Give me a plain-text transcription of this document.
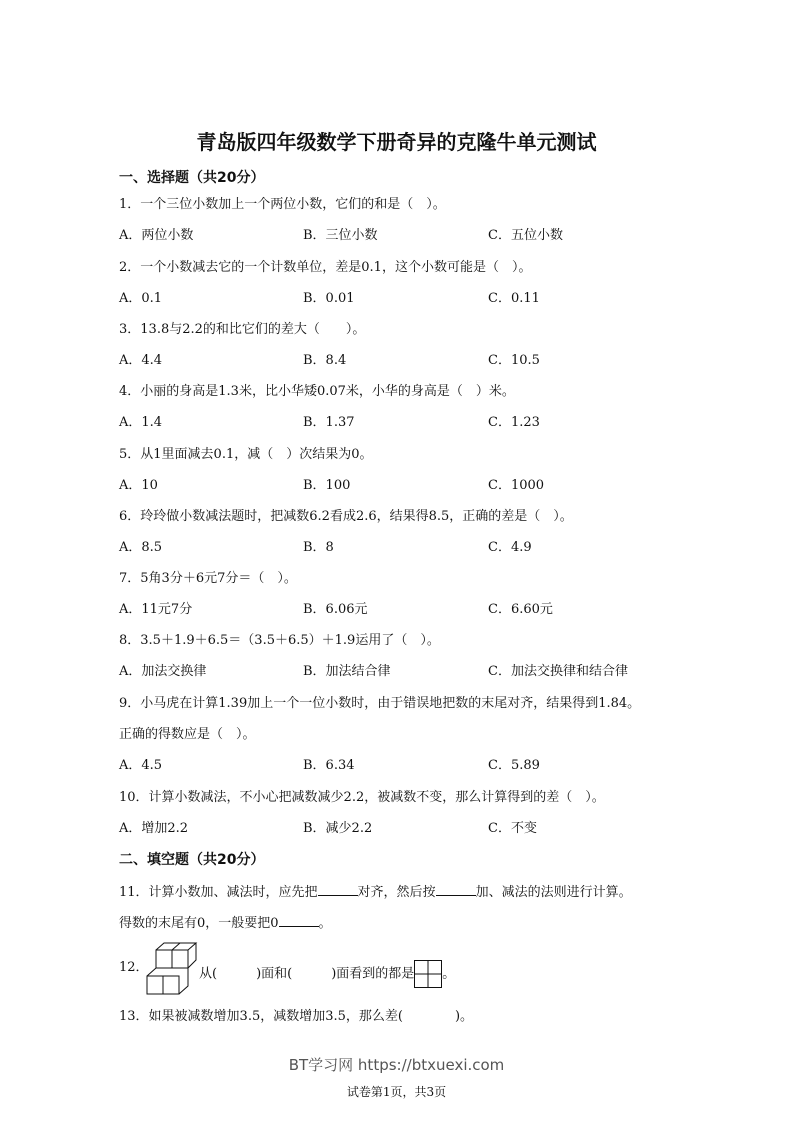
青岛版四年级数学下册奇异的克隆牛单元测试
一、选择题（共20分）
1．一个三位小数加上一个两位小数，它们的和是（　）。
A．两位小数	B．三位小数	C．五位小数
2．一个小数减去它的一个计数单位，差是0.1，这个小数可能是（　）。
A．0.1	B．0.01	C．0.11
3．13.8与2.2的和比它们的差大（　　）。
A．4.4	B．8.4	C．10.5
4．小丽的身高是1.3米，比小华矮0.07米，小华的身高是（　）米。
A．1.4	B．1.37	C．1.23
5．从1里面减去0.1，减（　）次结果为0。
A．10	B．100	C．1000
6．玲玲做小数减法题时，把减数6.2看成2.6，结果得8.5，正确的差是（　）。
A．8.5	B．8	C．4.9
7．5角3分＋6元7分＝（　）。
A．11元7分	B．6.06元	C．6.60元
8．3.5＋1.9＋6.5＝（3.5＋6.5）＋1.9运用了（　）。
A．加法交换律	B．加法结合律	C．加法交换律和结合律
9．小马虎在计算1.39加上一个一位小数时，由于错误地把数的末尾对齐，结果得到1.84。
正确的得数应是（　）。
A．4.5	B．6.34	C．5.89
10．计算小数减法，不小心把减数减少2.2，被减数不变，那么计算得到的差（　）。
A．增加2.2	B．减少2.2	C．不变
二、填空题（共20分）
11．计算小数加、减法时，应先把	对齐，然后按	加、减法的法则进行计算。
得数的末尾有0，一般要把0	。
12．	从(　　　)面和(　　　)面看到的都是 。
13．如果被减数增加3.5，减数增加3.5，那么差(　　　　)。
BT学习网 https://btxuexi.com
试卷第1页，共3页
